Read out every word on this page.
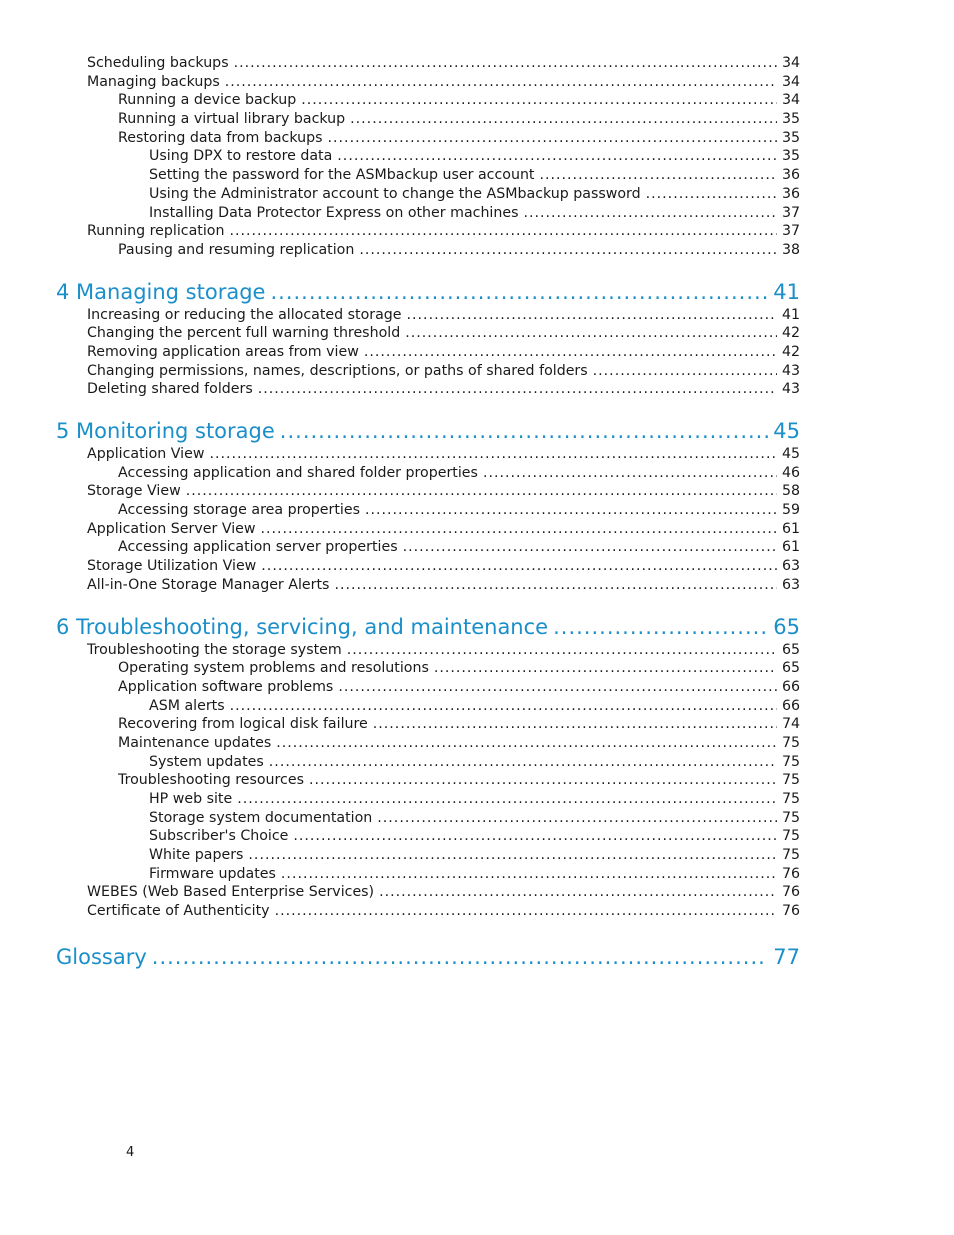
Scheduling backups .....	34
Managing backups .....	34
Running a device backup .....	34
Running a virtual library backup .....	35
Restoring data from backups .....	35
Using DPX to restore data .....	35
Setting the password for the ASMbackup user account .....	36
Using the Administrator account to change the ASMbackup password .....	36
Installing Data Protector Express on other machines .....	37
Running replication .....	37
Pausing and resuming replication .....	38
4 Managing storage .....	41
Increasing or reducing the allocated storage .....	41
Changing the percent full warning threshold .....	42
Removing application areas from view .....	42
Changing permissions, names, descriptions, or paths of shared folders .....	43
Deleting shared folders .....	43
5 Monitoring storage .....	45
Application View .....	45
Accessing application and shared folder properties .....	46
Storage View .....	58
Accessing storage area properties .....	59
Application Server View .....	61
Accessing application server properties .....	61
Storage Utilization View .....	63
All-in-One Storage Manager Alerts .....	63
6 Troubleshooting, servicing, and maintenance .....	65
Troubleshooting the storage system .....	65
Operating system problems and resolutions .....	65
Application software problems .....	66
ASM alerts .....	66
Recovering from logical disk failure .....	74
Maintenance updates .....	75
System updates .....	75
Troubleshooting resources .....	75
HP web site .....	75
Storage system documentation .....	75
Subscriber's Choice .....	75
White papers .....	75
Firmware updates .....	76
WEBES (Web Based Enterprise Services) .....	76
Certificate of Authenticity .....	76
Glossary .....	77
4
